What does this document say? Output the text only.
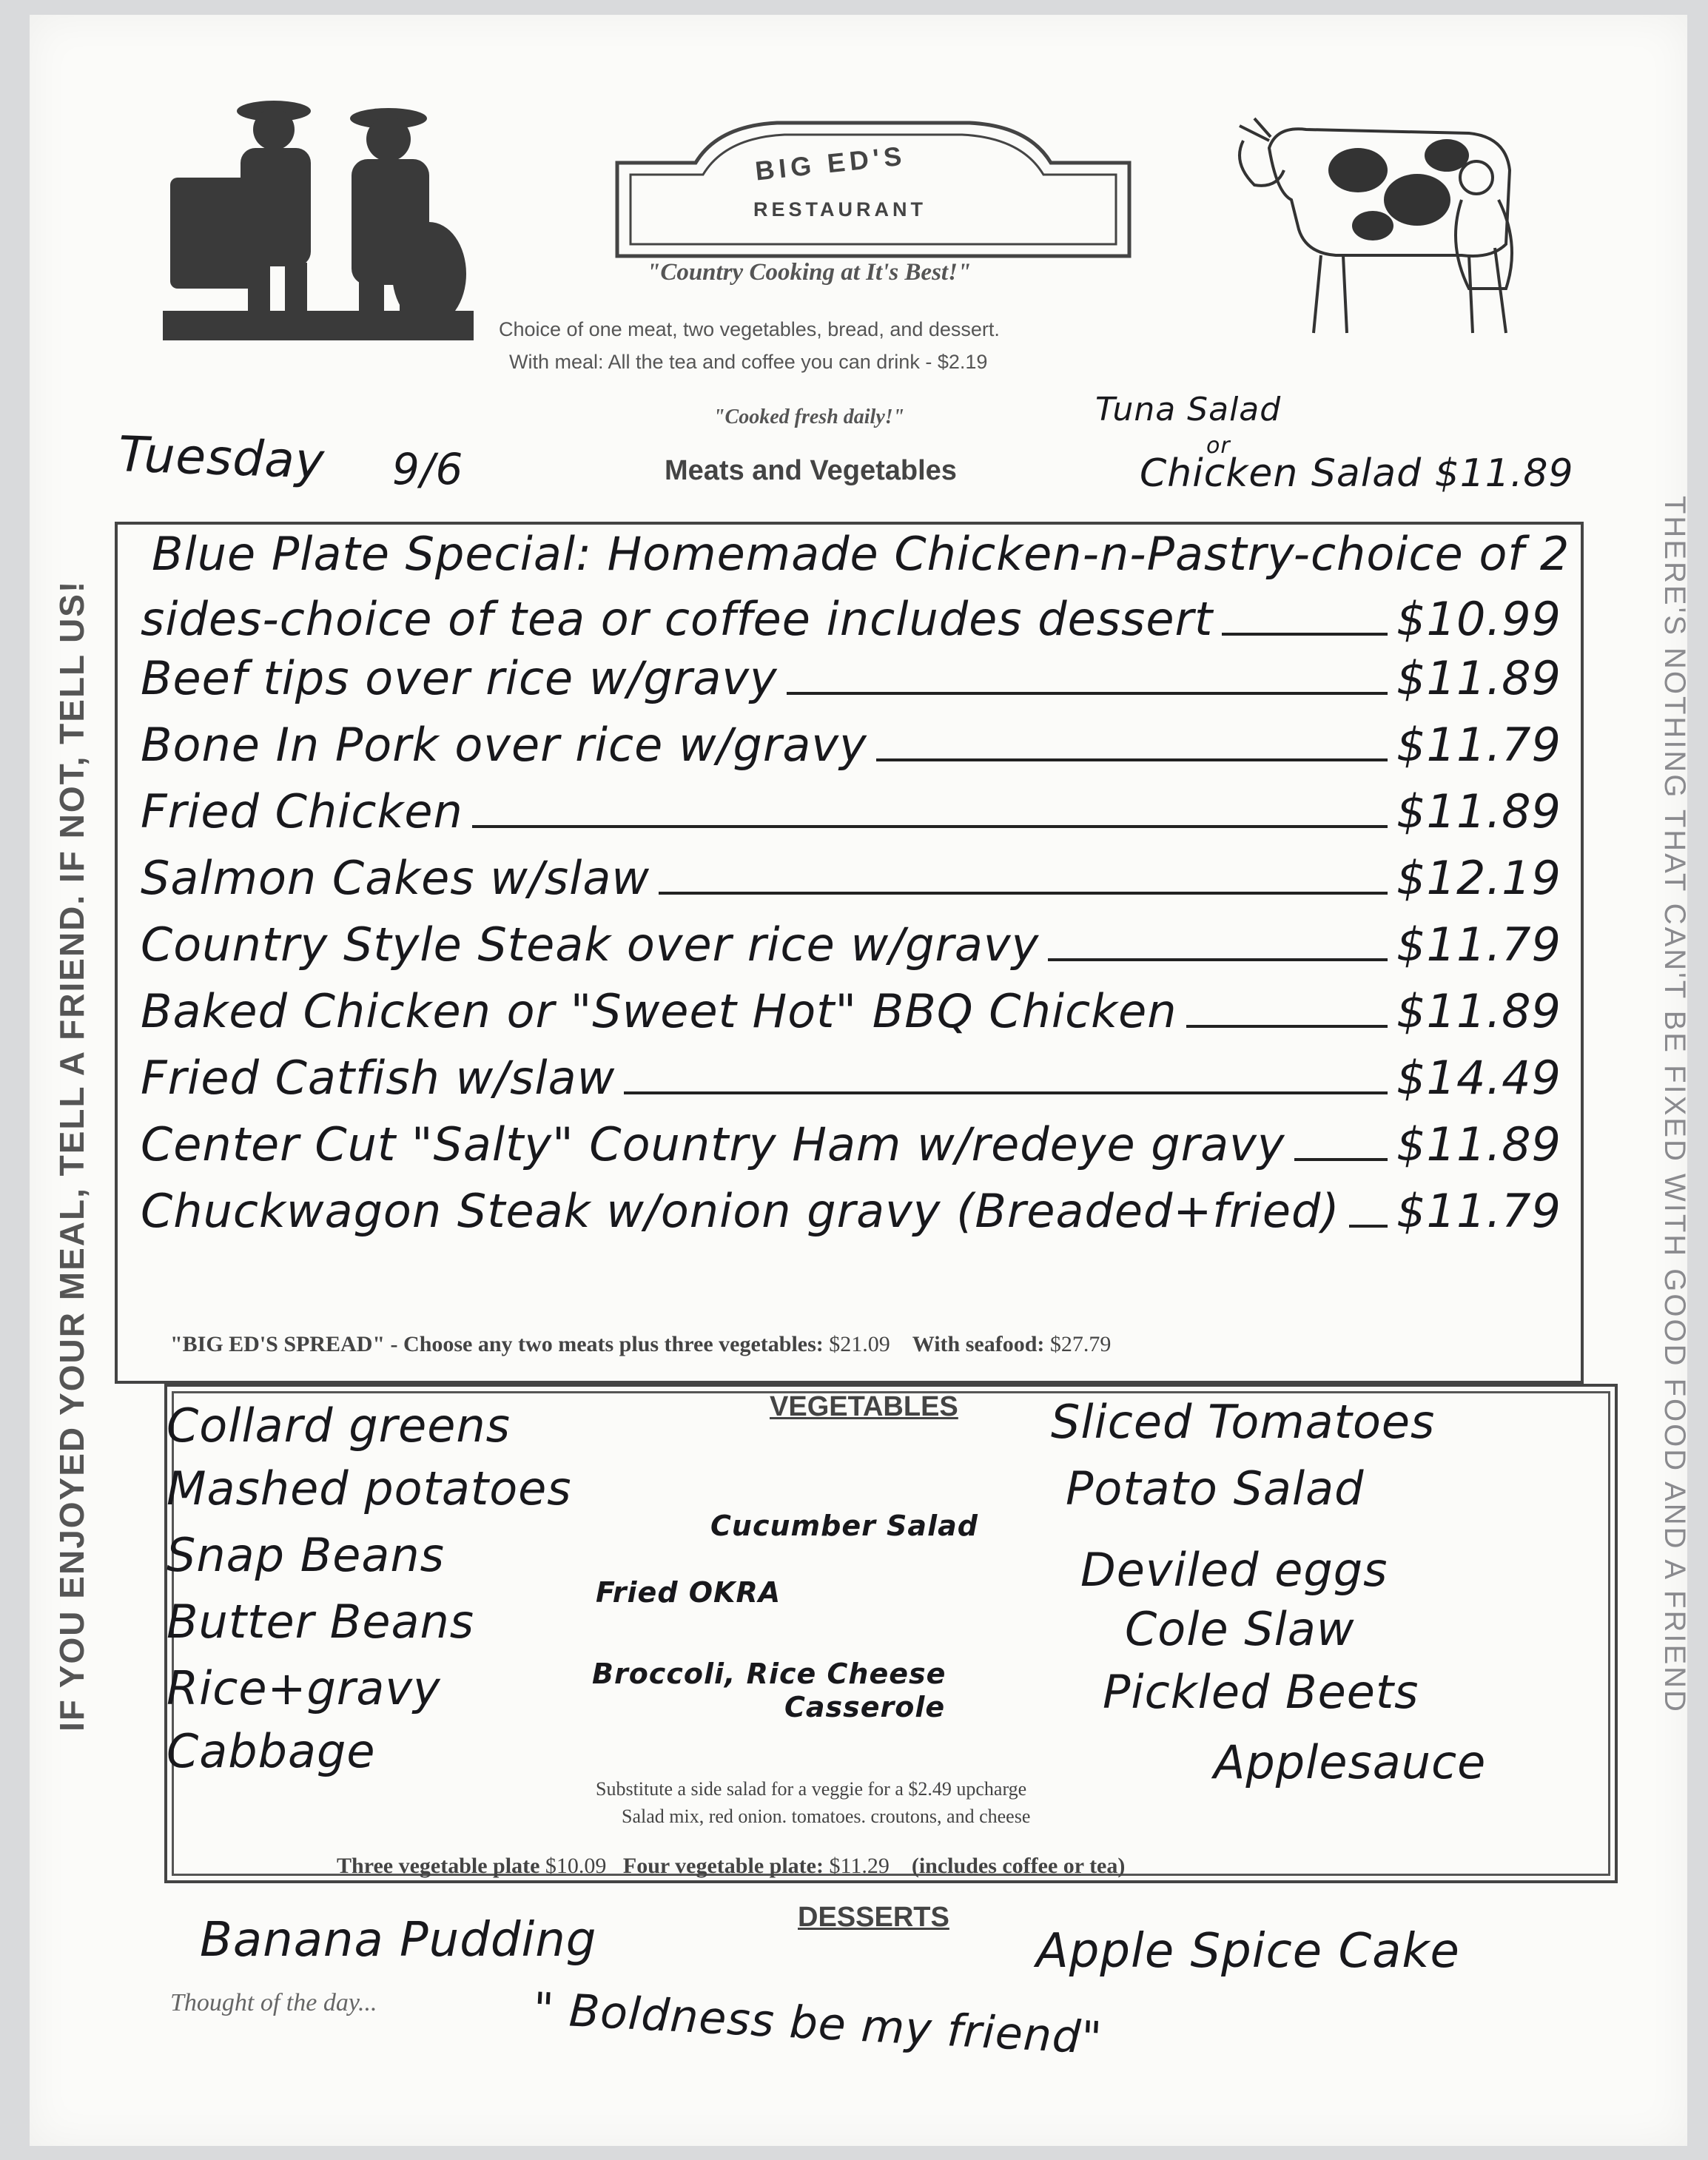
BIG ED'S
RESTAURANT
"Country Cooking at It's Best!"
Choice of one meat, two vegetables, bread, and dessert.
With meal: All the tea and coffee you can drink - $2.19
"Cooked fresh daily!"
Meats and Vegetables
Tuesday 9/6
Tuna Salad
or
Chicken Salad $11.89
IF YOU ENJOYED YOUR MEAL, TELL A FRIEND. IF NOT, TELL US!	THERE'S NOTHING THAT CAN'T BE FIXED WITH GOOD FOOD AND A FRIEND
Blue Plate Special: Homemade Chicken-n-Pastry-choice of 2
sides-choice of tea or coffee includes dessert	$10.99
Beef tips over rice w/gravy	$11.89
Bone In Pork over rice w/gravy	$11.79
Fried Chicken	$11.89
Salmon Cakes w/slaw	$12.19
Country Style Steak over rice w/gravy	$11.79
Baked Chicken or "Sweet Hot" BBQ Chicken	$11.89
Fried Catfish w/slaw	$14.49
Center Cut "Salty" Country Ham w/redeye gravy $11.89
Chuckwagon Steak w/onion gravy (Breaded+fried) $11.79
"BIG ED'S SPREAD" - Choose any two meats plus three vegetables: $21.09 With seafood: $27.79
VEGETABLES
Collard greens
Mashed potatoes
Snap Beans
Butter Beans
Rice+gravy
Cabbage
Cucumber Salad
Fried OKRA
Broccoli, Rice Cheese
Casserole
Sliced Tomatoes
Potato Salad
Deviled eggs
Cole Slaw
Pickled Beets
Applesauce
Substitute a side salad for a veggie for a $2.49 upcharge
Salad mix, red onion. tomatoes. croutons, and cheese
Three vegetable plate $10.09 Four vegetable plate: $11.29 (includes coffee or tea)
DESSERTS
Banana Pudding	Apple Spice Cake
Thought of the day...	" Boldness be my friend"
